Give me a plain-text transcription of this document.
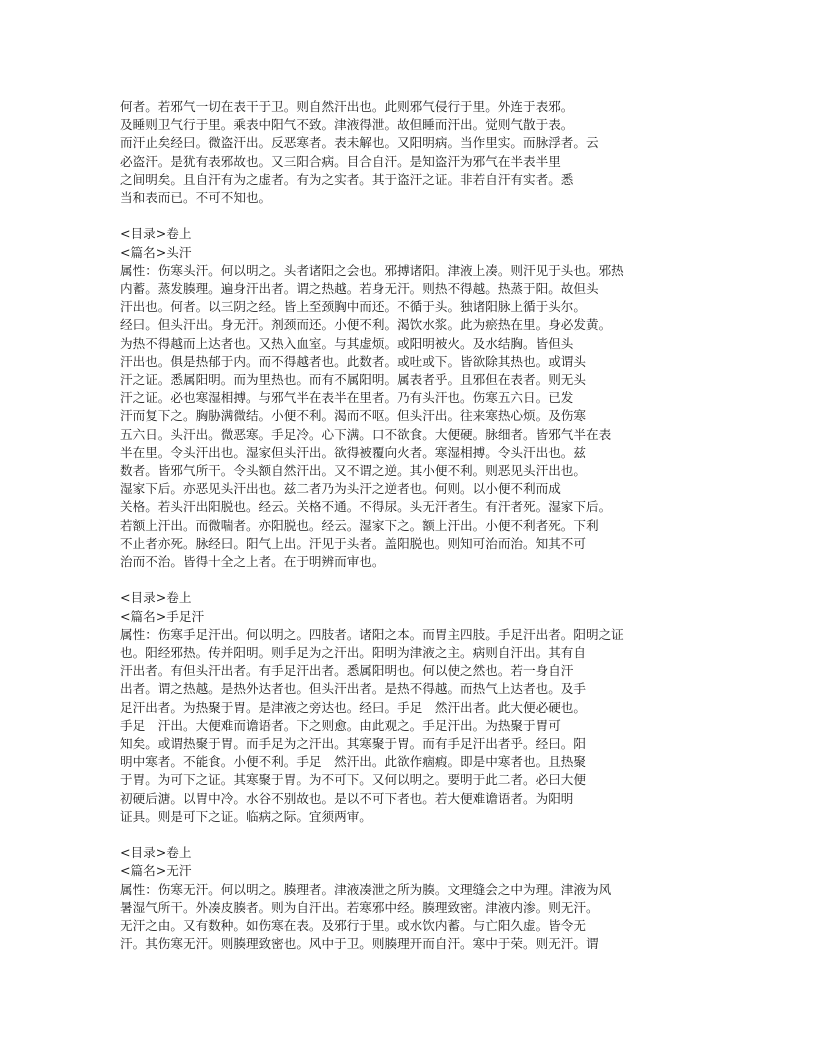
何者。若邪气一切在表干于卫。则自然汗出也。此则邪气侵行于里。外连于表邪。
及睡则卫气行于里。乘表中阳气不致。津液得泄。故但睡而汗出。觉则气散于表。
而汗止矣经曰。微盗汗出。反恶寒者。表未解也。又阳明病。当作里实。而脉浮者。云
必盗汗。是犹有表邪故也。又三阳合病。目合自汗。是知盗汗为邪气在半表半里
之间明矣。且自汗有为之虚者。有为之实者。其于盗汗之证。非若自汗有实者。悉
当和表而已。不可不知也。
<目录>卷上
<篇名>头汗
属性：伤寒头汗。何以明之。头者诸阳之会也。邪搏诸阳。津液上凑。则汗见于头也。邪热
内蓄。蒸发腠理。遍身汗出者。谓之热越。若身无汗。则热不得越。热蒸于阳。故但头
汗出也。何者。以三阴之经。皆上至颈胸中而还。不循于头。独诸阳脉上循于头尔。
经曰。但头汗出。身无汗。剂颈而还。小便不利。渴饮水浆。此为瘀热在里。身必发黄。
为热不得越而上达者也。又热入血室。与其虚烦。或阳明被火。及水结胸。皆但头
汗出也。俱是热郁于内。而不得越者也。此数者。或吐或下。皆欲除其热也。或谓头
汗之证。悉属阳明。而为里热也。而有不属阳明。属表者乎。且邪但在表者。则无头
汗之证。必也寒湿相搏。与邪气半在表半在里者。乃有头汗也。伤寒五六日。已发
汗而复下之。胸胁满微结。小便不利。渴而不呕。但头汗出。往来寒热心烦。及伤寒
五六日。头汗出。微恶寒。手足冷。心下满。口不欲食。大便硬。脉细者。皆邪气半在表
半在里。令头汗出也。湿家但头汗出。欲得被覆向火者。寒湿相搏。令头汗出也。兹
数者。皆邪气所干。令头额自然汗出。又不谓之逆。其小便不利。则恶见头汗出也。
湿家下后。亦恶见头汗出也。兹二者乃为头汗之逆者也。何则。以小便不利而成
关格。若头汗出阳脱也。经云。关格不通。不得尿。头无汗者生。有汗者死。湿家下后。
若额上汗出。而微喘者。亦阳脱也。经云。湿家下之。额上汗出。小便不利者死。下利
不止者亦死。脉经曰。阳气上出。汗见于头者。盖阳脱也。则知可治而治。知其不可
治而不治。皆得十全之上者。在于明辨而审也。
<目录>卷上
<篇名>手足汗
属性：伤寒手足汗出。何以明之。四肢者。诸阳之本。而胃主四肢。手足汗出者。阳明之证
也。阳经邪热。传并阳明。则手足为之汗出。阳明为津液之主。病则自汗出。其有自
汗出者。有但头汗出者。有手足汗出者。悉属阳明也。何以使之然也。若一身自汗
出者。谓之热越。是热外达者也。但头汗出者。是热不得越。而热气上达者也。及手
足汗出者。为热聚于胃。是津液之旁达也。经曰。手足　然汗出者。此大便必硬也。
手足　汗出。大便难而谵语者。下之则愈。由此观之。手足汗出。为热聚于胃可
知矣。或谓热聚于胃。而手足为之汗出。其寒聚于胃。而有手足汗出者乎。经曰。阳
明中寒者。不能食。小便不利。手足　然汗出。此欲作痼瘕。即是中寒者也。且热聚
于胃。为可下之证。其寒聚于胃。为不可下。又何以明之。要明于此二者。必曰大便
初硬后溏。以胃中冷。水谷不别故也。是以不可下者也。若大便难谵语者。为阳明
证具。则是可下之证。临病之际。宜须两审。
<目录>卷上
<篇名>无汗
属性：伤寒无汗。何以明之。腠理者。津液凑泄之所为腠。文理缝会之中为理。津液为风
暑湿气所干。外凑皮腠者。则为自汗出。若寒邪中经。腠理致密。津液内渗。则无汗。
无汗之由。又有数种。如伤寒在表。及邪行于里。或水饮内蓄。与亡阳久虚。皆令无
汗。其伤寒无汗。则腠理致密也。风中于卫。则腠理开而自汗。寒中于荣。则无汗。谓
